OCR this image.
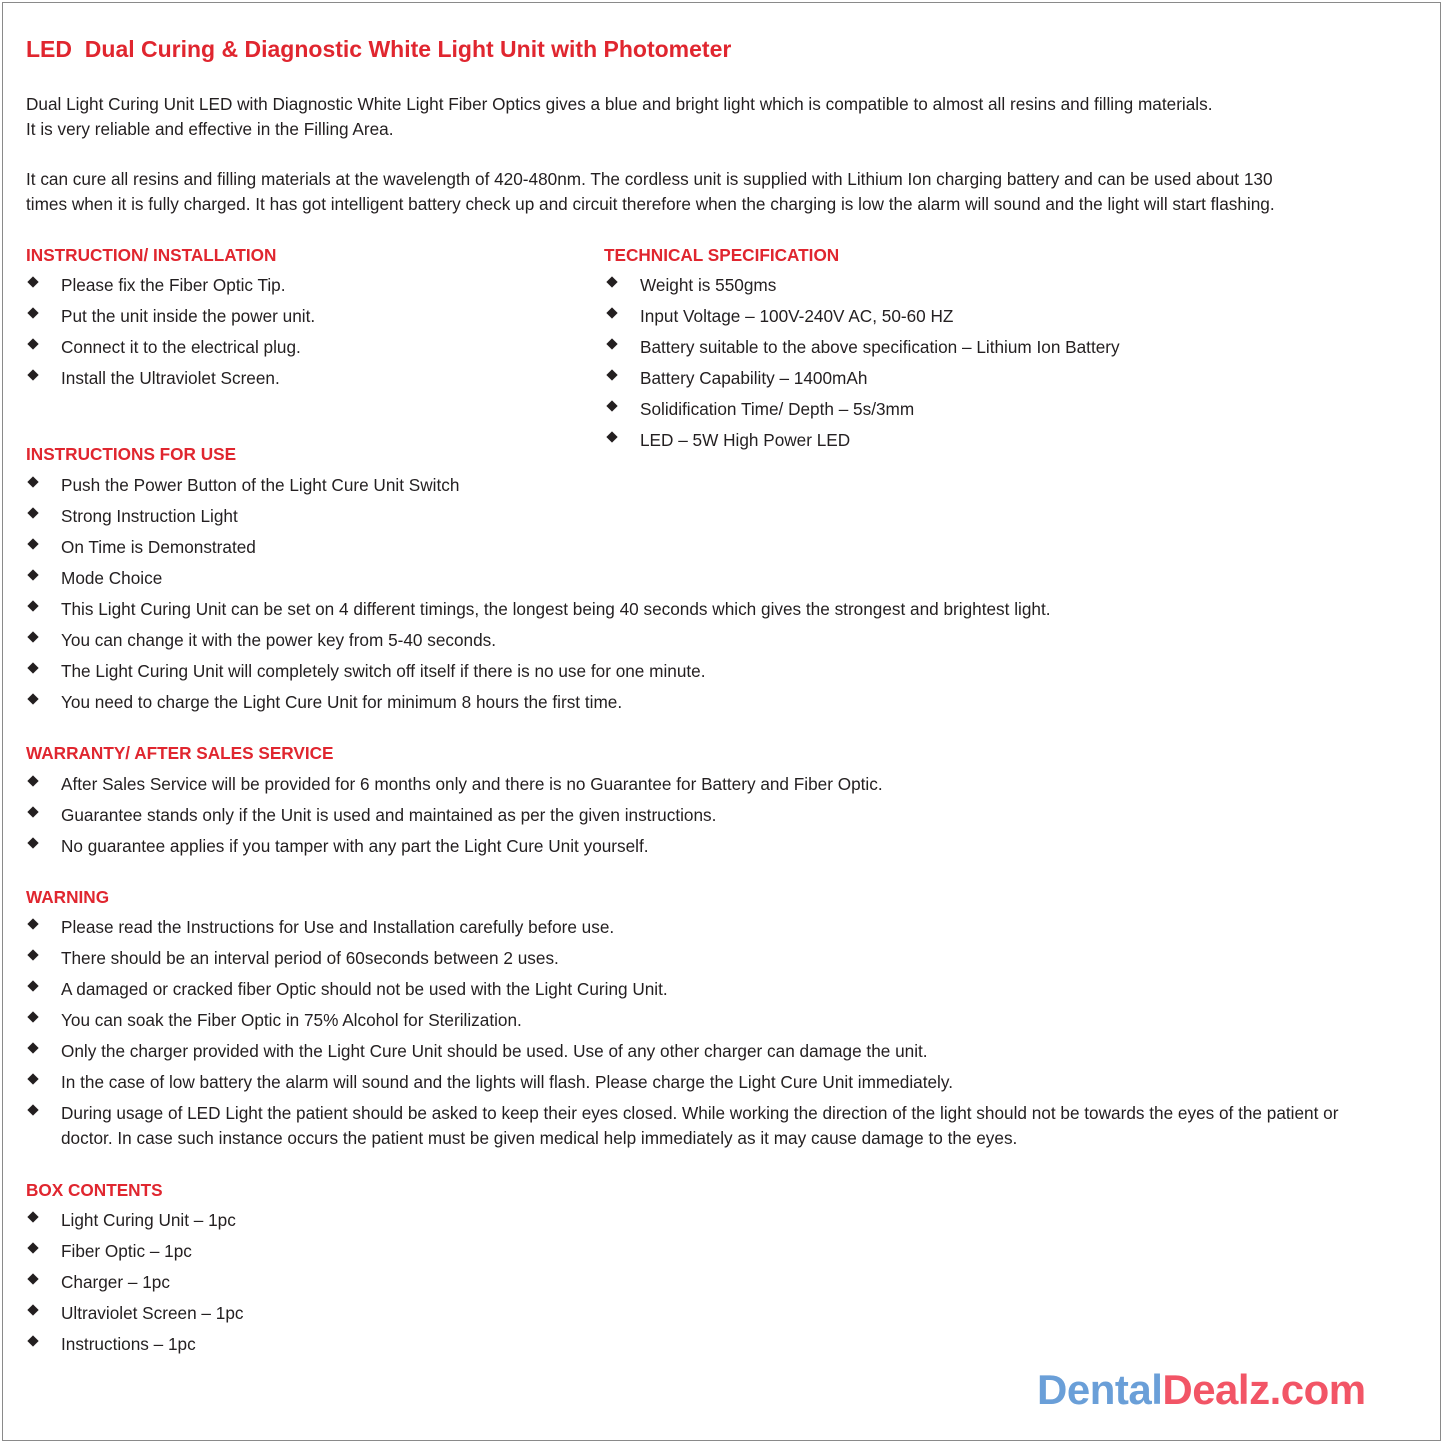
LED  Dual Curing & Diagnostic White Light Unit with Photometer

Dual Light Curing Unit LED with Diagnostic White Light Fiber Optics gives a blue and bright light which is compatible to almost all resins and filling materials.
It is very reliable and effective in the Filling Area.

It can cure all resins and filling materials at the wavelength of 420-480nm. The cordless unit is supplied with Lithium Ion charging battery and can be used about 130
times when it is fully charged. It has got intelligent battery check up and circuit therefore when the charging is low the alarm will sound and the light will start flashing.

INSTRUCTION/ INSTALLATION
Please fix the Fiber Optic Tip.
Put the unit inside the power unit.
Connect it to the electrical plug.
Install the Ultraviolet Screen.
TECHNICAL SPECIFICATION
Weight is 550gms
Input Voltage – 100V-240V AC, 50-60 HZ
Battery suitable to the above specification – Lithium Ion Battery
Battery Capability – 1400mAh
Solidification Time/ Depth – 5s/3mm
LED – 5W High Power LED
INSTRUCTIONS FOR USE
Push the Power Button of the Light Cure Unit Switch
Strong Instruction Light
On Time is Demonstrated
Mode Choice
This Light Curing Unit can be set on 4 different timings, the longest being 40 seconds which gives the strongest and brightest light.
You can change it with the power key from 5-40 seconds.
The Light Curing Unit will completely switch off itself if there is no use for one minute.
You need to charge the Light Cure Unit for minimum 8 hours the first time.
WARRANTY/ AFTER SALES SERVICE
After Sales Service will be provided for 6 months only and there is no Guarantee for Battery and Fiber Optic.
Guarantee stands only if the Unit is used and maintained as per the given instructions.
No guarantee applies if you tamper with any part the Light Cure Unit yourself.
WARNING
Please read the Instructions for Use and Installation carefully before use.
There should be an interval period of 60seconds between 2 uses.
A damaged or cracked fiber Optic should not be used with the Light Curing Unit.
You can soak the Fiber Optic in 75% Alcohol for Sterilization.
Only the charger provided with the Light Cure Unit should be used. Use of any other charger can damage the unit.
In the case of low battery the alarm will sound and the lights will flash. Please charge the Light Cure Unit immediately.
During usage of LED Light the patient should be asked to keep their eyes closed. While working the direction of the light should not be towards the eyes of the patient or doctor. In case such instance occurs the patient must be given medical help immediately as it may cause damage to the eyes.
BOX CONTENTS
Light Curing Unit – 1pc
Fiber Optic – 1pc
Charger – 1pc
Ultraviolet Screen – 1pc
Instructions – 1pc
DentalDealz.com
